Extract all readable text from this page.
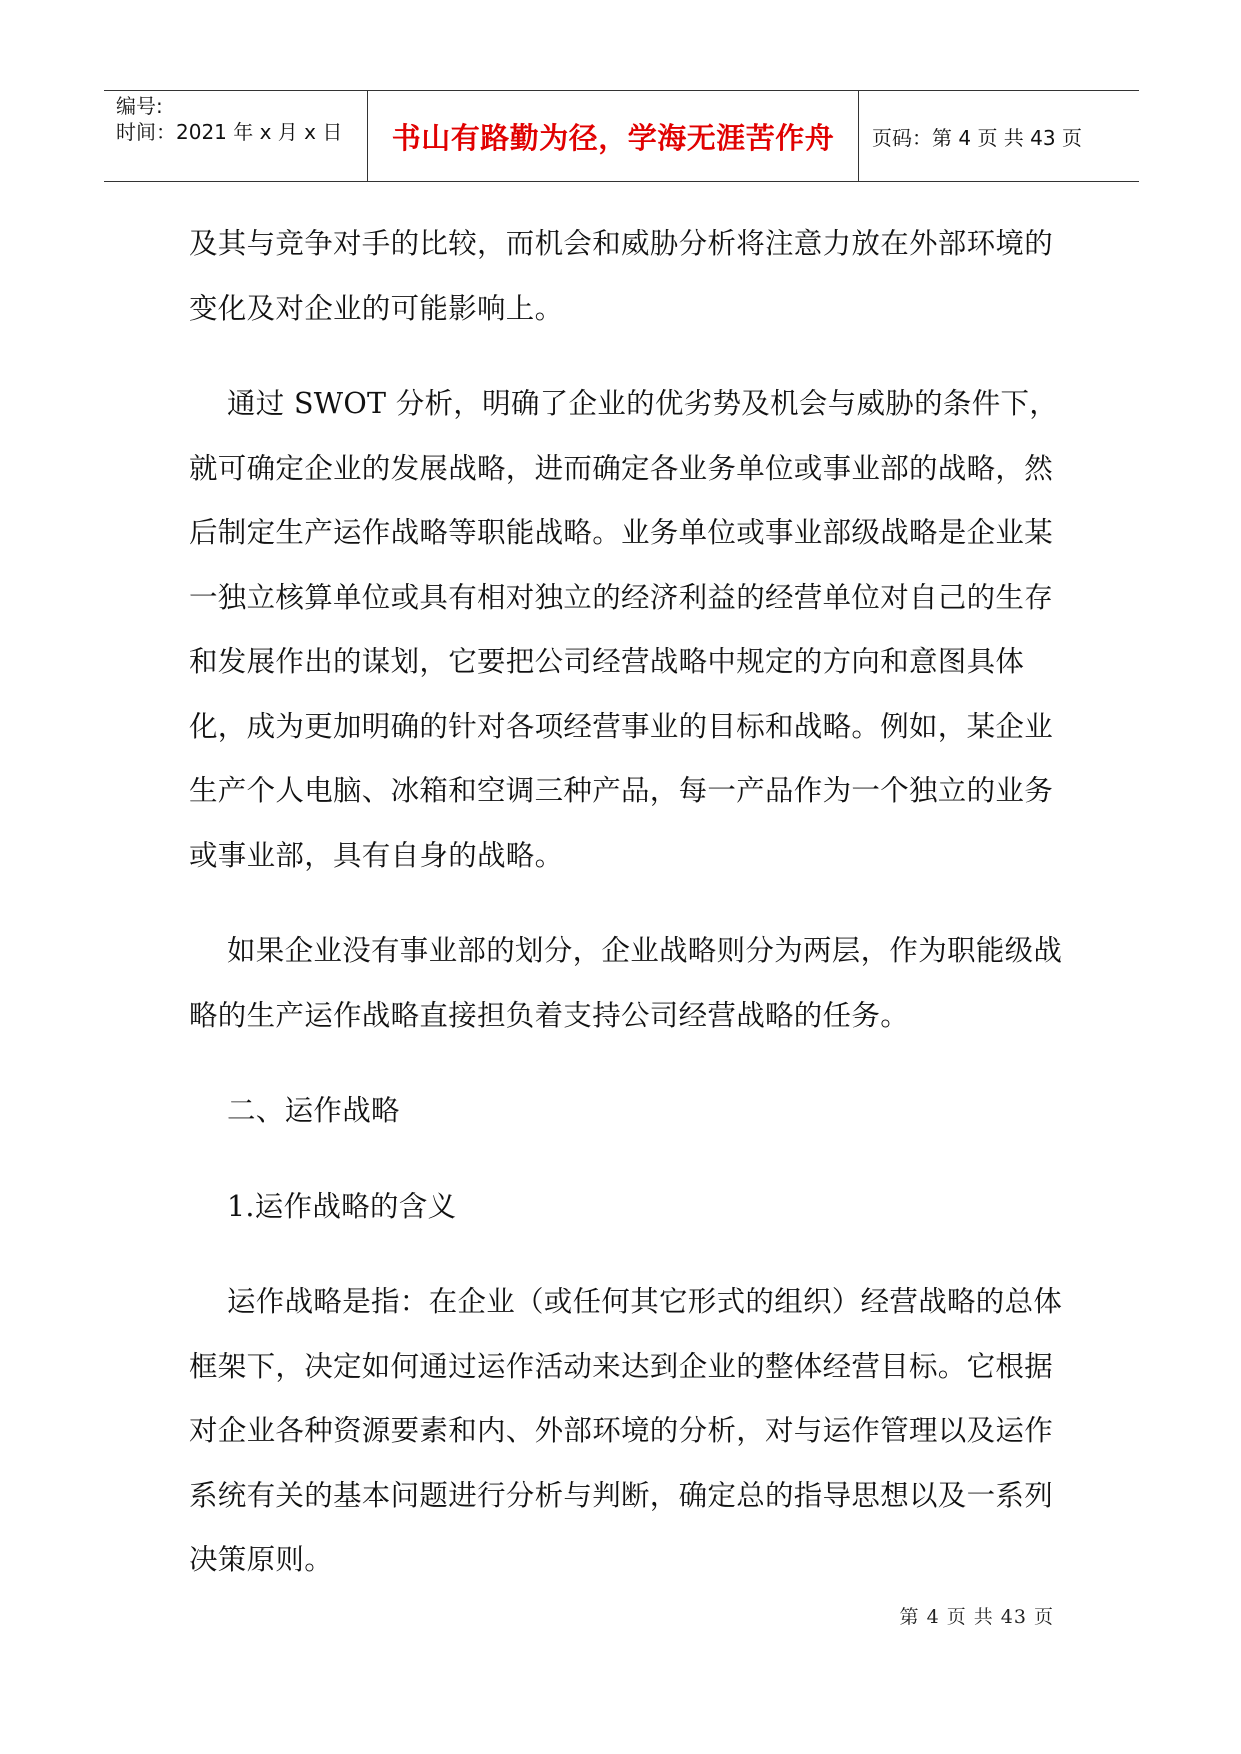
编号:
时间：2021 年 x 月 x 日	书山有路勤为径，学海无涯苦作舟	页码：第 4 页 共 43 页

及其与竞争对手的比较，而机会和威胁分析将注意力放在外部环境的变化及对企业的可能影响上。

通过 SWOT 分析，明确了企业的优劣势及机会与威胁的条件下，就可确定企业的发展战略，进而确定各业务单位或事业部的战略，然后制定生产运作战略等职能战略。业务单位或事业部级战略是企业某一独立核算单位或具有相对独立的经济利益的经营单位对自己的生存和发展作出的谋划，它要把公司经营战略中规定的方向和意图具体化，成为更加明确的针对各项经营事业的目标和战略。例如，某企业生产个人电脑、冰箱和空调三种产品，每一产品作为一个独立的业务或事业部，具有自身的战略。

如果企业没有事业部的划分，企业战略则分为两层，作为职能级战略的生产运作战略直接担负着支持公司经营战略的任务。

二、运作战略

1.运作战略的含义

运作战略是指：在企业（或任何其它形式的组织）经营战略的总体框架下，决定如何通过运作活动来达到企业的整体经营目标。它根据对企业各种资源要素和内、外部环境的分析，对与运作管理以及运作系统有关的基本问题进行分析与判断，确定总的指导思想以及一系列决策原则。

第 4 页 共 43 页
